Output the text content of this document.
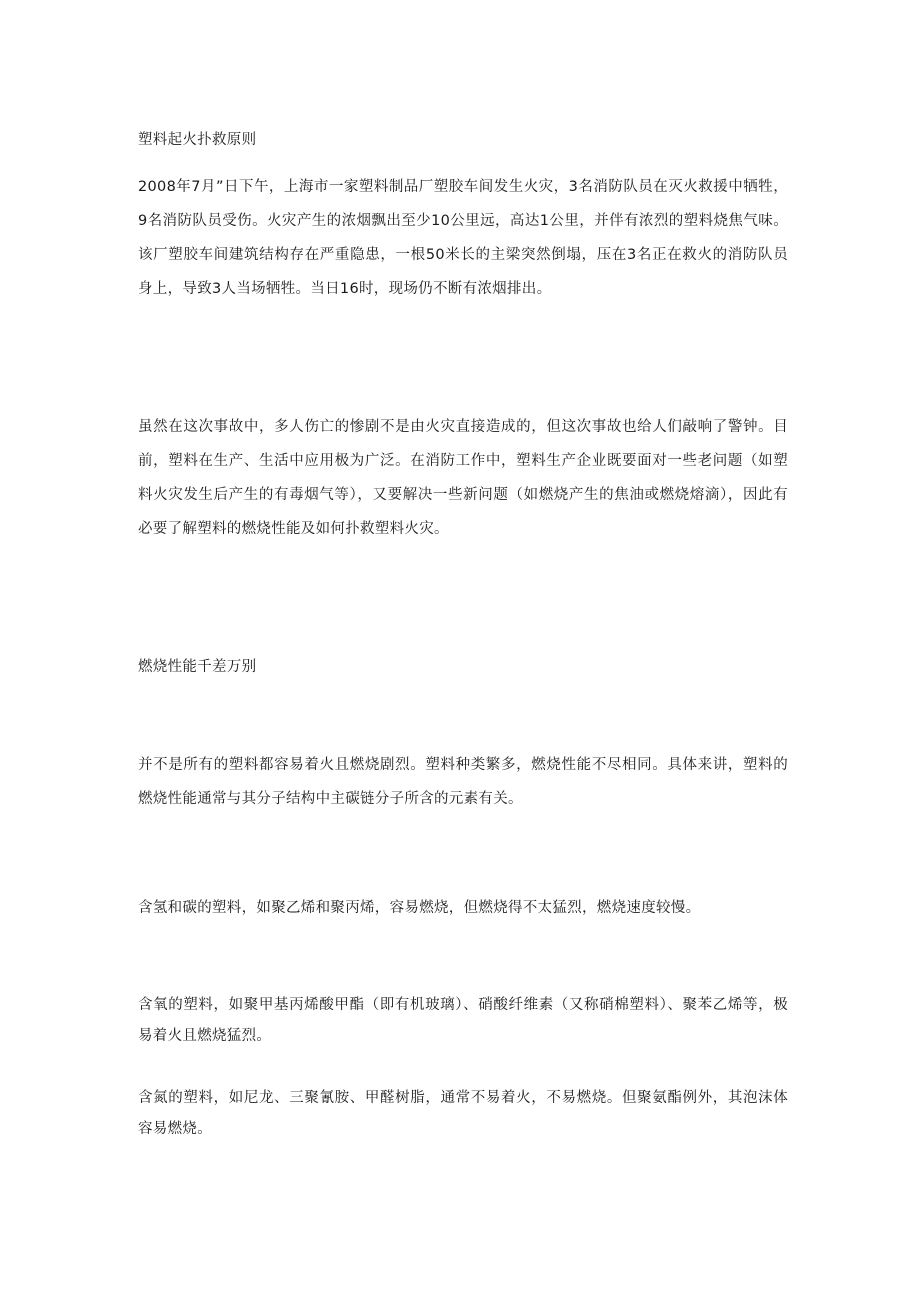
塑料起火扑救原则

2008年7月”日下午，上海市一家塑料制品厂塑胶车间发生火灾，3名消防队员在灭火救援中牺牲，9名消防队员受伤。火灾产生的浓烟飘出至少10公里远，高达1公里，并伴有浓烈的塑料烧焦气味。该厂塑胶车间建筑结构存在严重隐患，一根50米长的主梁突然倒塌，压在3名正在救火的消防队员身上，导致3人当场牺牲。当日16时，现场仍不断有浓烟排出。

虽然在这次事故中，多人伤亡的惨剧不是由火灾直接造成的，但这次事故也给人们敲响了警钟。目前，塑料在生产、生活中应用极为广泛。在消防工作中，塑料生产企业既要面对一些老问题（如塑料火灾发生后产生的有毒烟气等），又要解决一些新问题（如燃烧产生的焦油或燃烧熔滴），因此有必要了解塑料的燃烧性能及如何扑救塑料火灾。

燃烧性能千差万别

并不是所有的塑料都容易着火且燃烧剧烈。塑料种类繁多，燃烧性能不尽相同。具体来讲，塑料的燃烧性能通常与其分子结构中主碳链分子所含的元素有关。

含氢和碳的塑料，如聚乙烯和聚丙烯，容易燃烧，但燃烧得不太猛烈，燃烧速度较慢。

含氧的塑料，如聚甲基丙烯酸甲酯（即有机玻璃）、硝酸纤维素（又称硝棉塑料）、聚苯乙烯等，极易着火且燃烧猛烈。

含氮的塑料，如尼龙、三聚氰胺、甲醛树脂，通常不易着火，不易燃烧。但聚氨酯例外，其泡沫体容易燃烧。
